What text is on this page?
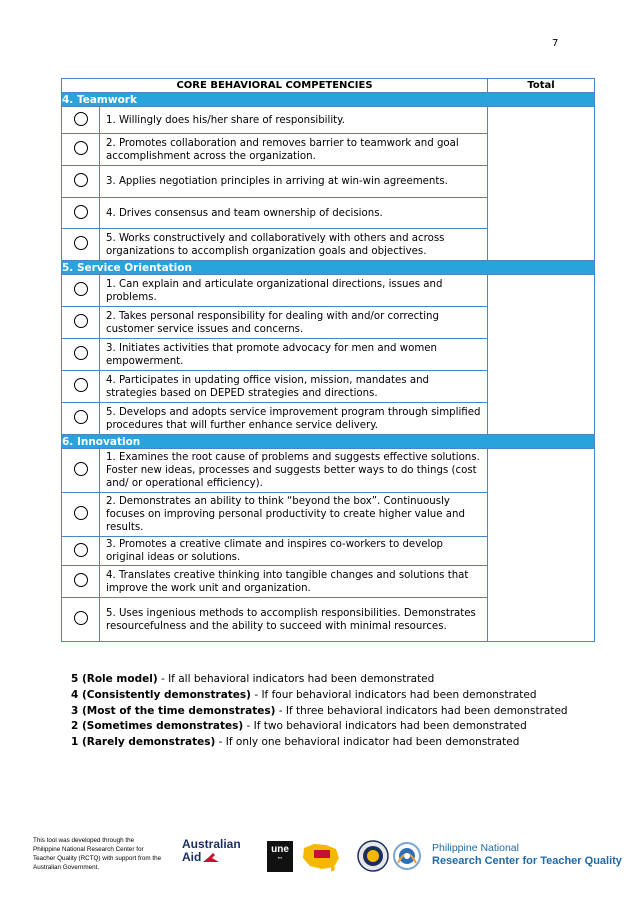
7
CORE BEHAVIORAL COMPETENCIES		Total
4. Teamwork		
	1. Willingly does his/her share of responsibility.	
	2. Promotes collaboration and removes barrier to teamwork and goal accomplishment across the organization.	
	3. Applies negotiation principles in arriving at win-win agreements.	
	4. Drives consensus and team ownership of decisions.	
	5. Works constructively and collaboratively with others and across organizations to accomplish organization goals and objectives.	
5. Service Orientation		
	1. Can explain and articulate organizational directions, issues and problems.	
	2. Takes personal responsibility for dealing with and/or correcting customer service issues and concerns.	
	3. Initiates activities that promote advocacy for men and women empowerment.	
	4. Participates in updating office vision, mission, mandates and strategies based on DEPED strategies and directions.	
	5. Develops and adopts service improvement program through simplified procedures that will further enhance service delivery.	
6. Innovation		
	1. Examines the root cause of problems and suggests effective solutions. Foster new ideas, processes and suggests better ways to do things (cost and/ or operational efficiency).	
	2. Demonstrates an ability to think “beyond the box”. Continuously focuses on improving personal productivity to create higher value and results.	
	3. Promotes a creative climate and inspires co-workers to develop original ideas or solutions.	
	4. Translates creative thinking into tangible changes and solutions that improve the work unit and organization.	
	5. Uses ingenious methods to accomplish responsibilities. Demonstrates resourcefulness and the ability to succeed with minimal resources.	
5 (Role model) - If all behavioral indicators had been demonstrated
4 (Consistently demonstrates) - If four behavioral indicators had been demonstrated
3 (Most of the time demonstrates) - If three behavioral indicators had been demonstrated
2 (Sometimes demonstrates) - If two behavioral indicators had been demonstrated
1 (Rarely demonstrates) - If only one behavioral indicator had been demonstrated
This tool was developed through the Philippine National Research Center for Teacher Quality (RCTQ) with support from the Australian Government.
Australian
Aid
une
▪▪▪
Philippine National
Research Center for Teacher Quality
